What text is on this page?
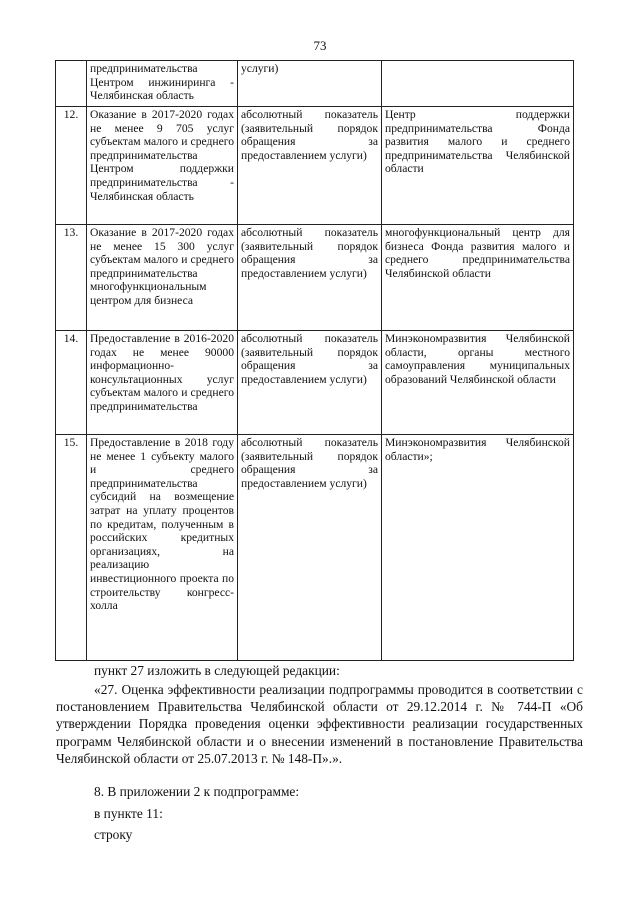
73
	предпринимательства Центром инжиниринга - Челябинская область	услуги)	
12.	Оказание в 2017-2020 годах не менее 9 705 услуг субъектам малого и среднего предпринимательства Центром поддержки предпринимательства - Челябинская область	абсолютный показатель (заявительный порядок обращения за предоставлением услуги)	Центр поддержки предпринимательства Фонда развития малого и среднего предпринимательства Челябинской области
13.	Оказание в 2017-2020 годах не менее 15 300 услуг субъектам малого и среднего предпринимательства многофункциональным центром для бизнеса	абсолютный показатель (заявительный порядок обращения за предоставлением услуги)	многофункциональный центр для бизнеса Фонда развития малого и среднего предпринимательства Челябинской области
14.	Предоставление в 2016-2020 годах не менее 90000 информационно-консультационных услуг субъектам малого и среднего предпринимательства	абсолютный показатель (заявительный порядок обращения за предоставлением услуги)	Минэкономразвития Челябинской области, органы местного самоуправления муниципальных образований Челябинской области
15.	Предоставление в 2018 году не менее 1 субъекту малого и среднего предпринимательства субсидий на возмещение затрат на уплату процентов по кредитам, полученным в российских кредитных организациях, на реализацию инвестиционного проекта по строительству конгресс-холла	абсолютный показатель (заявительный порядок обращения за предоставлением услуги)	Минэкономразвития Челябинской области»;
пункт 27 изложить в следующей редакции:
«27. Оценка эффективности реализации подпрограммы проводится в соответствии с постановлением Правительства Челябинской области от 29.12.2014 г. № 744-П «Об утверждении Порядка проведения оценки эффективности реализации государственных программ Челябинской области и о внесении изменений в постановление Правительства Челябинской области от 25.07.2013 г. № 148-П».».
8. В приложении 2 к подпрограмме:
в пункте 11:
строку
